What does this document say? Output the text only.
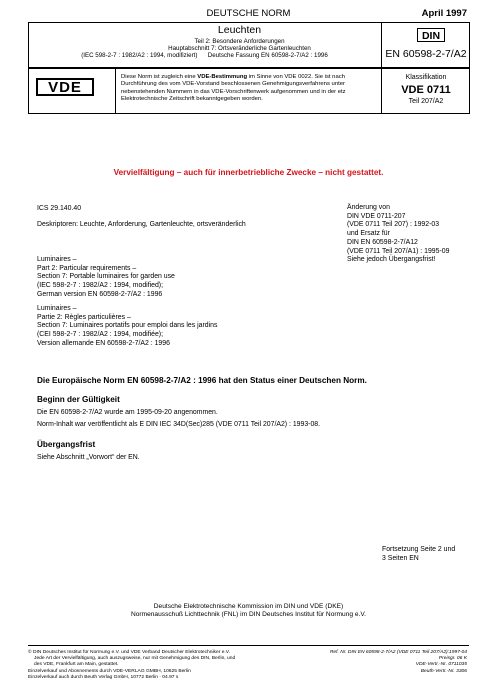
DEUTSCHE NORM	April 1997
Leuchten
Teil 2: Besondere Anforderungen
Hauptabschnitt 7: Ortsveränderliche Gartenleuchten
(IEC 598-2-7 : 1982/A2 : 1994, modifiziert)      Deutsche Fassung EN 60598-2-7/A2 : 1996
DIN
EN 60598-2-7/A2
VDE
Diese Norm ist zugleich eine VDE-Bestimmung im Sinne von VDE 0022. Sie ist nach Durchführung des vom VDE-Vorstand beschlossenen Genehmigungsverfahrens unter nebenstehenden Nummern in das VDE-Vorschriftenwerk aufgenommen und in der etz Elektrotechnische Zeitschrift bekanntgegeben worden.
Klassifikation
VDE 0711
Teil 207/A2
Vervielfältigung – auch für innerbetriebliche Zwecke – nicht gestattet.
ICS 29.140.40
Deskriptoren: Leuchte, Anforderung, Gartenleuchte, ortsveränderlich
Luminaires –
Part 2: Particular requirements –
Section 7: Portable luminaires for garden use
(IEC 598-2-7 : 1982/A2 : 1994, modified);
German version EN 60598-2-7/A2 : 1996
Luminaires –
Partie 2: Règles particulières –
Section 7: Luminaires portatifs pour emploi dans les jardins
(CEI 598-2-7 : 1982/A2 : 1994, modifiée);
Version allemande EN 60598-2-7/A2 : 1996
Änderung von
DIN VDE 0711-207
(VDE 0711 Teil 207) : 1992-03
und Ersatz für
DIN EN 60598-2-7/A12
(VDE 0711 Teil 207/A1) : 1995-09
Siehe jedoch Übergangsfrist!
Die Europäische Norm EN 60598-2-7/A2 : 1996 hat den Status einer Deutschen Norm.
Beginn der Gültigkeit
Die EN 60598-2-7/A2 wurde am 1995-09-20 angenommen.
Norm-Inhalt war veröffentlicht als E DIN IEC 34D(Sec)285 (VDE 0711 Teil 207/A2) : 1993-08.
Übergangsfrist
Siehe Abschnitt „Vorwort“ der EN.
Fortsetzung Seite 2 und
3 Seiten EN
Deutsche Elektrotechnische Kommission im DIN und VDE (DKE)
Normenausschuß Lichttechnik (FNL) im DIN Deutsches Institut für Normung e.V.
© DIN Deutsches Institut für Normung e.V. und VDE Verband Deutscher Elektrotechniker e.V.
Jede Art der Vervielfältigung, auch auszugsweise, nur mit Genehmigung des DIN, Berlin, und
des VDE, Frankfurt am Main, gestattet.
Einzelverkauf und Abonnements durch VDE-VERLAG GMBH, 10625 Berlin
Einzelverkauf auch durch Beuth Verlag GmbH, 10772 Berlin · 04.97 s
Ref. Nr. DIN EN 60598-2-7/A2 (VDE 0711 Teil 207/A2):1997-04
Preisgr. 06 K
VDE-Vertr.-Nr. 0711035
Beuth-Vertr.-Nr. 3306
